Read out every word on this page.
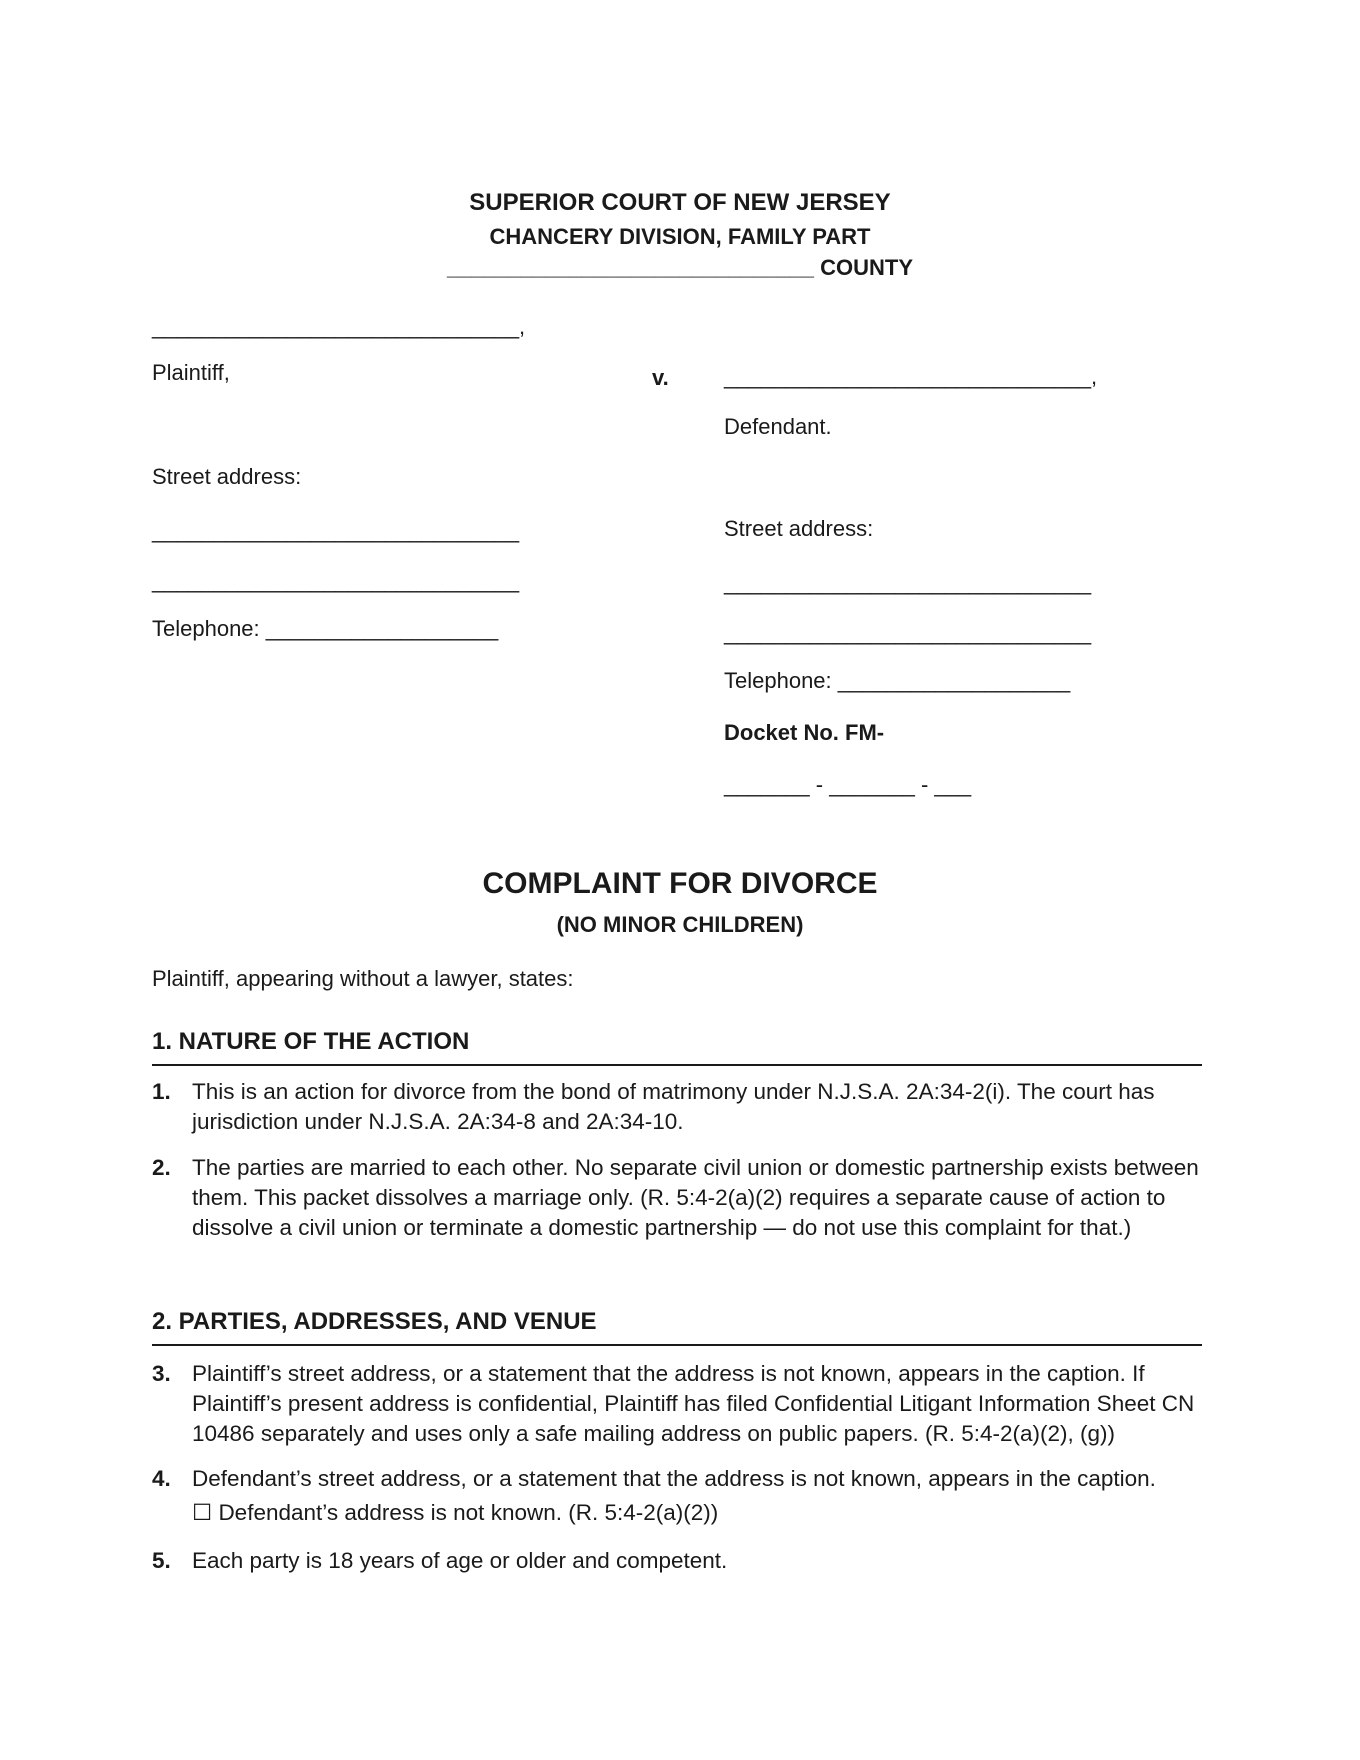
SUPERIOR COURT OF NEW JERSEY
CHANCERY DIVISION, FAMILY PART
______________________________ COUNTY
______________________________,
Plaintiff,
Street address:
______________________________
______________________________
Telephone: ___________________
v.	______________________________,
Defendant.
Street address:
______________________________
______________________________
Telephone: ___________________
Docket No. FM-
_______ - _______ - ___
COMPLAINT FOR DIVORCE
(NO MINOR CHILDREN)
Plaintiff, appearing without a lawyer, states:
1. NATURE OF THE ACTION
1. This is an action for divorce from the bond of matrimony under N.J.S.A. 2A:34-2(i). The court has jurisdiction under N.J.S.A. 2A:34-8 and 2A:34-10.
2. The parties are married to each other. No separate civil union or domestic partnership exists between them. This packet dissolves a marriage only. (R. 5:4-2(a)(2) requires a separate cause of action to dissolve a civil union or terminate a domestic partnership — do not use this complaint for that.)
2. PARTIES, ADDRESSES, AND VENUE
3. Plaintiff’s street address, or a statement that the address is not known, appears in the caption. If Plaintiff’s present address is confidential, Plaintiff has filed Confidential Litigant Information Sheet CN 10486 separately and uses only a safe mailing address on public papers. (R. 5:4-2(a)(2), (g))
4. Defendant’s street address, or a statement that the address is not known, appears in the caption.
☐ Defendant’s address is not known. (R. 5:4-2(a)(2))
5. Each party is 18 years of age or older and competent.
